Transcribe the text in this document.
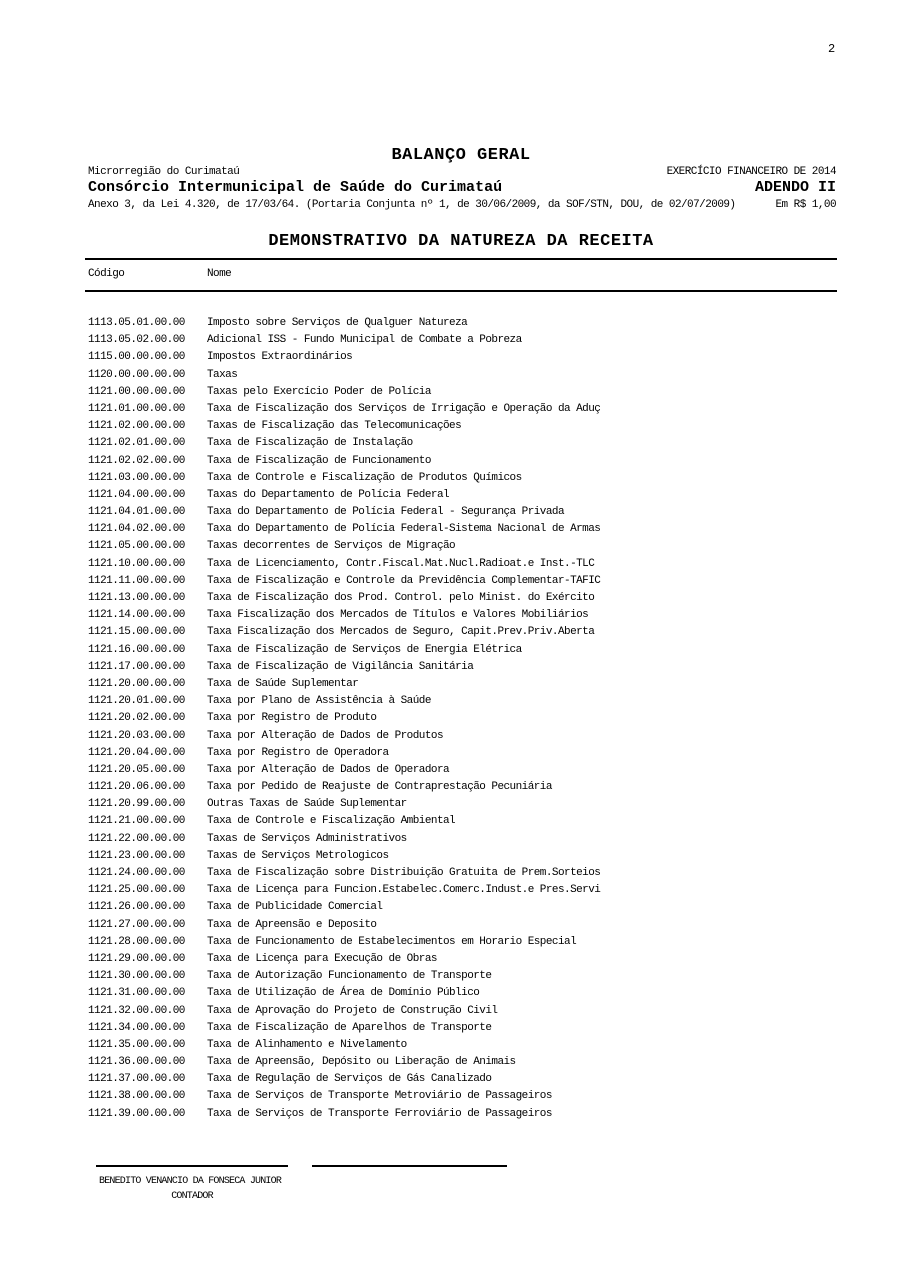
2
BALANÇO GERAL
Microrregião do Curimataú	EXERCÍCIO FINANCEIRO DE 2014
Consórcio Intermunicipal de Saúde do Curimataú	ADENDO II
Anexo 3, da Lei 4.320, de 17/03/64. (Portaria Conjunta nº 1, de 30/06/2009, da SOF/STN, DOU, de 02/07/2009)	Em R$ 1,00
DEMONSTRATIVO DA NATUREZA DA RECEITA
Código	Nome
1113.05.01.00.00 Imposto sobre Serviços de Qualguer Natureza
1113.05.02.00.00 Adicional ISS - Fundo Municipal de Combate a Pobreza
1115.00.00.00.00 Impostos Extraordinários
1120.00.00.00.00 Taxas
1121.00.00.00.00 Taxas pelo Exercício Poder de Polícia
1121.01.00.00.00 Taxa de Fiscalização dos Serviços de Irrigação e Operação da Aduç
1121.02.00.00.00 Taxas de Fiscalização das Telecomunicações
1121.02.01.00.00 Taxa de Fiscalização de Instalação
1121.02.02.00.00 Taxa de Fiscalização de Funcionamento
1121.03.00.00.00 Taxa de Controle e Fiscalização de Produtos Químicos
1121.04.00.00.00 Taxas do Departamento de Polícia Federal
1121.04.01.00.00 Taxa do Departamento de Polícia Federal - Segurança Privada
1121.04.02.00.00 Taxa do Departamento de Polícia Federal-Sistema Nacional de Armas
1121.05.00.00.00 Taxas decorrentes de Serviços de Migração
1121.10.00.00.00 Taxa de Licenciamento, Contr.Fiscal.Mat.Nucl.Radioat.e Inst.-TLC
1121.11.00.00.00 Taxa de Fiscalização e Controle da Previdência Complementar-TAFIC
1121.13.00.00.00 Taxa de Fiscalização dos Prod. Control. pelo Minist. do Exército
1121.14.00.00.00 Taxa Fiscalização dos Mercados de Títulos e Valores Mobiliários
1121.15.00.00.00 Taxa Fiscalização dos Mercados de Seguro, Capit.Prev.Priv.Aberta
1121.16.00.00.00 Taxa de Fiscalização de Serviços de Energia Elétrica
1121.17.00.00.00 Taxa de Fiscalização de Vigilância Sanitária
1121.20.00.00.00 Taxa de Saúde Suplementar
1121.20.01.00.00 Taxa por Plano de Assistência à Saúde
1121.20.02.00.00 Taxa por Registro de Produto
1121.20.03.00.00 Taxa por Alteração de Dados de Produtos
1121.20.04.00.00 Taxa por Registro de Operadora
1121.20.05.00.00 Taxa por Alteração de Dados de Operadora
1121.20.06.00.00 Taxa por Pedido de Reajuste de Contraprestação Pecuniária
1121.20.99.00.00 Outras Taxas de Saúde Suplementar
1121.21.00.00.00 Taxa de Controle e Fiscalização Ambiental
1121.22.00.00.00 Taxas de Serviços Administrativos
1121.23.00.00.00 Taxas de Serviços Metrologicos
1121.24.00.00.00 Taxa de Fiscalização sobre Distribuição Gratuita de Prem.Sorteios
1121.25.00.00.00 Taxa de Licença para Funcion.Estabelec.Comerc.Indust.e Pres.Servi
1121.26.00.00.00 Taxa de Publicidade Comercial
1121.27.00.00.00 Taxa de Apreensão e Deposito
1121.28.00.00.00 Taxa de Funcionamento de Estabelecimentos em Horario Especial
1121.29.00.00.00 Taxa de Licença para Execução de Obras
1121.30.00.00.00 Taxa de Autorização Funcionamento de Transporte
1121.31.00.00.00 Taxa de Utilização de Área de Domínio Público
1121.32.00.00.00 Taxa de Aprovação do Projeto de Construção Civil
1121.34.00.00.00 Taxa de Fiscalização de Aparelhos de Transporte
1121.35.00.00.00 Taxa de Alinhamento e Nivelamento
1121.36.00.00.00 Taxa de Apreensão, Depósito ou Liberação de Animais
1121.37.00.00.00 Taxa de Regulação de Serviços de Gás Canalizado
1121.38.00.00.00 Taxa de Serviços de Transporte Metroviário de Passageiros
1121.39.00.00.00 Taxa de Serviços de Transporte Ferroviário de Passageiros
BENEDITO VENANCIO DA FONSECA JUNIOR
CONTADOR
